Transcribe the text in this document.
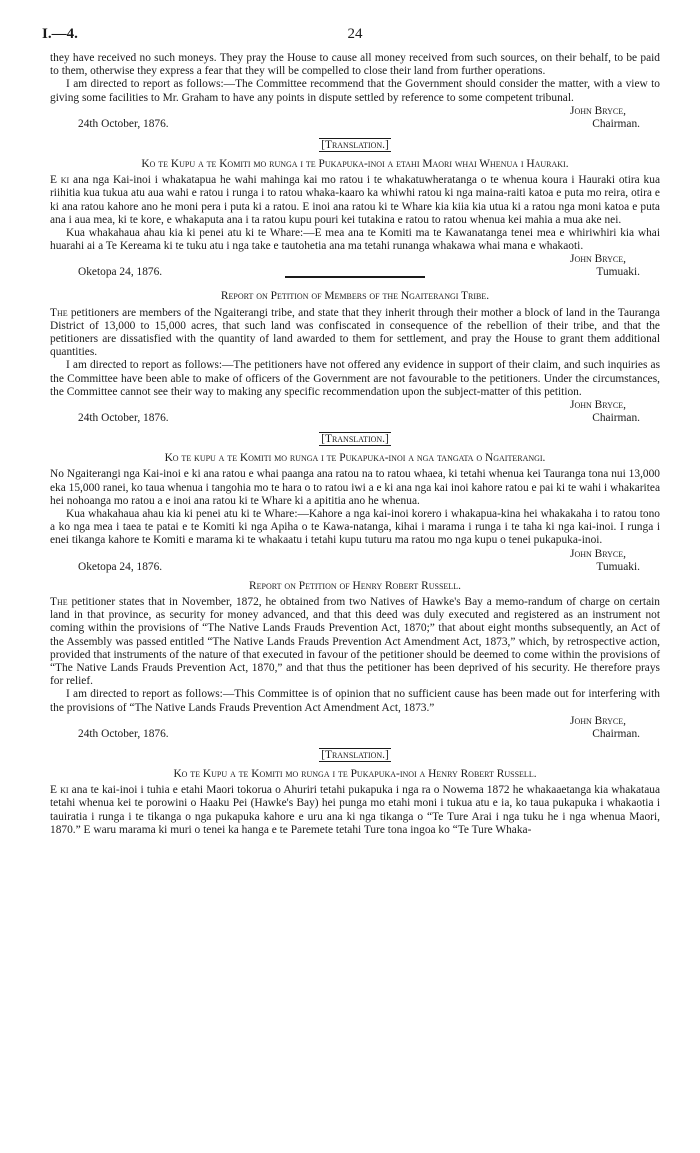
I.—4.	24

they have received no such moneys. They pray the House to cause all money received from such sources, on their behalf, to be paid to them, otherwise they express a fear that they will be compelled to close their land from further operations.

I am directed to report as follows:—The Committee recommend that the Government should consider the matter, with a view to giving some facilities to Mr. Graham to have any points in dispute settled by reference to some competent tribunal.

John Bryce,
24th October, 1876.	Chairman.
[Translation.]
Ko te Kupu a te Komiti mo runga i te Pukapuka-inoi a etahi Maori whai Whenua i Hauraki.

E ki ana nga Kai-inoi i whakatapua he wahi mahinga kai mo ratou i te whakatuwheratanga o te whenua koura i Hauraki otira kua riihitia kua tukua atu aua wahi e ratou i runga i to ratou whaka-kaaro ka whiwhi ratou ki nga maina-raiti katoa e puta mo reira, otira e ki ana ratou kahore ano he moni pera i puta ki a ratou. E inoi ana ratou ki te Whare kia kiia kia utua ki a ratou nga moni katoa e puta ana i aua mea, ki te kore, e whakaputa ana i ta ratou kupu pouri kei tutakina e ratou to ratou whenua kei mahia a mua ake nei.

Kua whakahaua ahau kia ki penei atu ki te Whare:—E mea ana te Komiti ma te Kawanatanga tenei mea e whiriwhiri kia whai huarahi ai a Te Kereama ki te tuku atu i nga take e tautohetia ana ma tetahi runanga whakawa whai mana e whakaoti.

John Bryce,
Oketopa 24, 1876.	Tumuaki.
Report on Petition of Members of the Ngaiterangi Tribe.

The petitioners are members of the Ngaiterangi tribe, and state that they inherit through their mother a block of land in the Tauranga District of 13,000 to 15,000 acres, that such land was confiscated in consequence of the rebellion of their tribe, and that the petitioners are dissatisfied with the quantity of land awarded to them for settlement, and pray the House to grant them additional quantities.

I am directed to report as follows:—The petitioners have not offered any evidence in support of their claim, and such inquiries as the Committee have been able to make of officers of the Government are not favourable to the petitioners. Under the circumstances, the Committee cannot see their way to making any specific recommendation upon the subject-matter of this petition.

John Bryce,
24th October, 1876.	Chairman.
[Translation.]
Ko te kupu a te Komiti mo runga i te Pukapuka-inoi a nga tangata o Ngaiterangi.

No Ngaiterangi nga Kai-inoi e ki ana ratou e whai paanga ana ratou na to ratou whaea, ki tetahi whenua kei Tauranga tona nui 13,000 eka 15,000 ranei, ko taua whenua i tangohia mo te hara o to ratou iwi a e ki ana nga kai inoi kahore ratou e pai ki te wahi i whakaritea hei nohoanga mo ratou a e inoi ana ratou ki te Whare ki a apititia ano he whenua.

Kua whakahaua ahau kia ki penei atu ki te Whare:—Kahore a nga kai-inoi korero i whakapua-kina hei whakakaha i to ratou tono a ko nga mea i taea te patai e te Komiti ki nga Apiha o te Kawa-natanga, kihai i marama i runga i te taha ki nga kai-inoi. I runga i enei tikanga kahore te Komiti e marama ki te whakaatu i tetahi kupu tuturu ma ratou mo nga kupu o tenei pukapuka-inoi.

John Bryce,
Oketopa 24, 1876.	Tumuaki.
Report on Petition of Henry Robert Russell.

The petitioner states that in November, 1872, he obtained from two Natives of Hawke's Bay a memo-randum of charge on certain land in that province, as security for money advanced, and that this deed was duly executed and registered as an instrument not coming within the provisions of “The Native Lands Frauds Prevention Act, 1870;” that about eight months subsequently, an Act of the Assembly was passed entitled “The Native Lands Frauds Prevention Act Amendment Act, 1873,” which, by retrospective action, provided that instruments of the nature of that executed in favour of the petitioner should be deemed to come within the provisions of “The Native Lands Frauds Prevention Act, 1870,” and that thus the petitioner has been deprived of his security. He therefore prays for relief.

I am directed to report as follows:—This Committee is of opinion that no sufficient cause has been made out for interfering with the provisions of “The Native Lands Frauds Prevention Act Amendment Act, 1873.”

John Bryce,
24th October, 1876.	Chairman.
[Translation.]
Ko te Kupu a te Komiti mo runga i te Pukapuka-inoi a Henry Robert Russell.

E ki ana te kai-inoi i tuhia e etahi Maori tokorua o Ahuriri tetahi pukapuka i nga ra o Nowema 1872 he whakaaetanga kia whakataua tetahi whenua kei te porowini o Haaku Pei (Hawke's Bay) hei punga mo etahi moni i tukua atu e ia, ko taua pukapuka i whakaotia i tauiratia i runga i te tikanga o nga pukapuka kahore e uru ana ki nga tikanga o “Te Ture Arai i nga tuku he i nga whenua Maori, 1870.” E waru marama ki muri o tenei ka hanga e te Paremete tetahi Ture tona ingoa ko “Te Ture Whaka-
